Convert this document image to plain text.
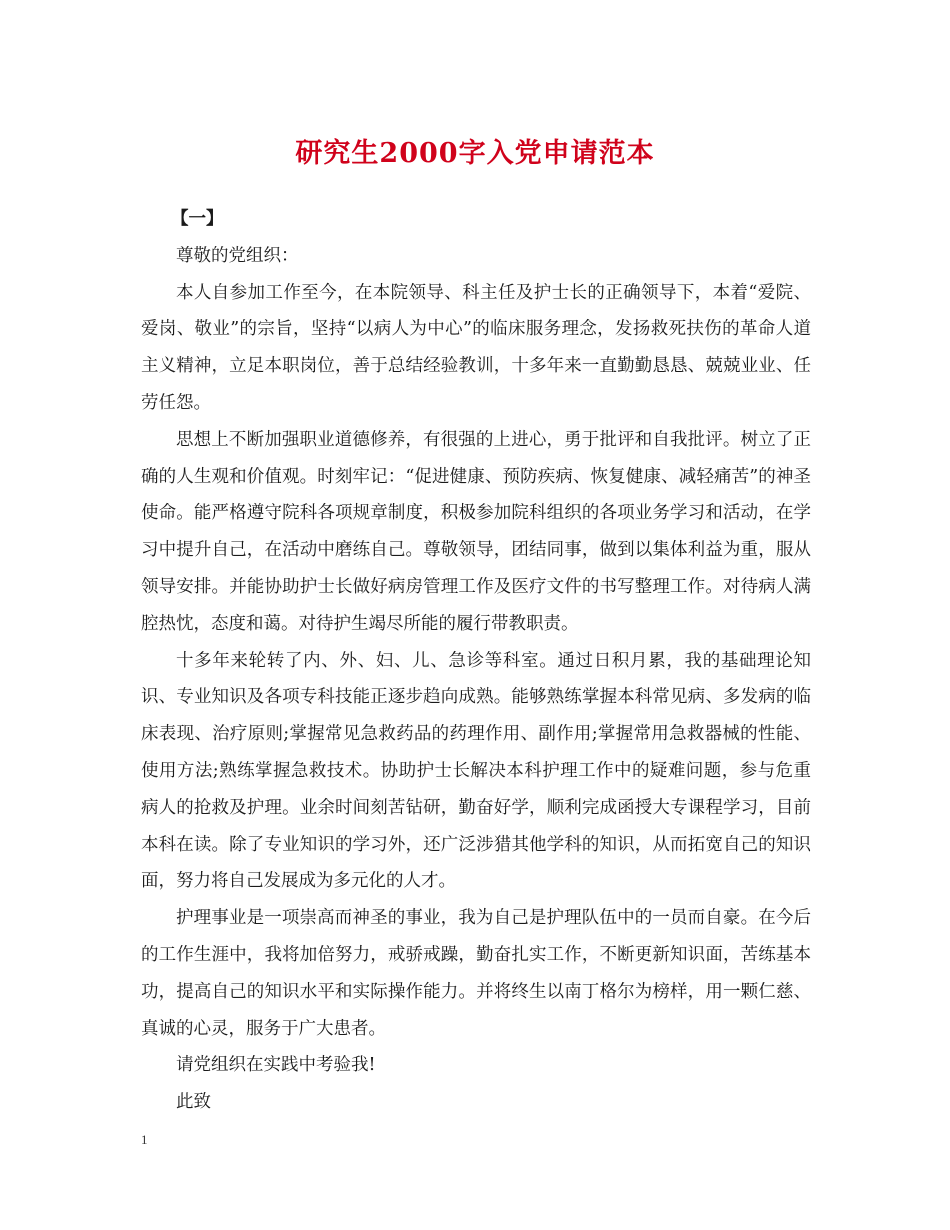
研究生2000字入党申请范本
【一】

尊敬的党组织：

本人自参加工作至今，在本院领导、科主任及护士长的正确领导下，本着“爱院、爱岗、敬业”的宗旨，坚持“以病人为中心”的临床服务理念，发扬救死扶伤的革命人道主义精神，立足本职岗位，善于总结经验教训，十多年来一直勤勤恳恳、兢兢业业、任劳任怨。

思想上不断加强职业道德修养，有很强的上进心，勇于批评和自我批评。树立了正确的人生观和价值观。时刻牢记：“促进健康、预防疾病、恢复健康、减轻痛苦”的神圣使命。能严格遵守院科各项规章制度，积极参加院科组织的各项业务学习和活动，在学习中提升自己，在活动中磨练自己。尊敬领导，团结同事，做到以集体利益为重，服从领导安排。并能协助护士长做好病房管理工作及医疗文件的书写整理工作。对待病人满腔热忱，态度和蔼。对待护生竭尽所能的履行带教职责。

十多年来轮转了内、外、妇、儿、急诊等科室。通过日积月累，我的基础理论知识、专业知识及各项专科技能正逐步趋向成熟。能够熟练掌握本科常见病、多发病的临床表现、治疗原则;掌握常见急救药品的药理作用、副作用;掌握常用急救器械的性能、使用方法;熟练掌握急救技术。协助护士长解决本科护理工作中的疑难问题，参与危重病人的抢救及护理。业余时间刻苦钻研，勤奋好学，顺利完成函授大专课程学习，目前本科在读。除了专业知识的学习外，还广泛涉猎其他学科的知识，从而拓宽自己的知识面，努力将自己发展成为多元化的人才。

护理事业是一项崇高而神圣的事业，我为自己是护理队伍中的一员而自豪。在今后的工作生涯中，我将加倍努力，戒骄戒躁，勤奋扎实工作，不断更新知识面，苦练基本功，提高自己的知识水平和实际操作能力。并将终生以南丁格尔为榜样，用一颗仁慈、真诚的心灵，服务于广大患者。

请党组织在实践中考验我!

此致

1
